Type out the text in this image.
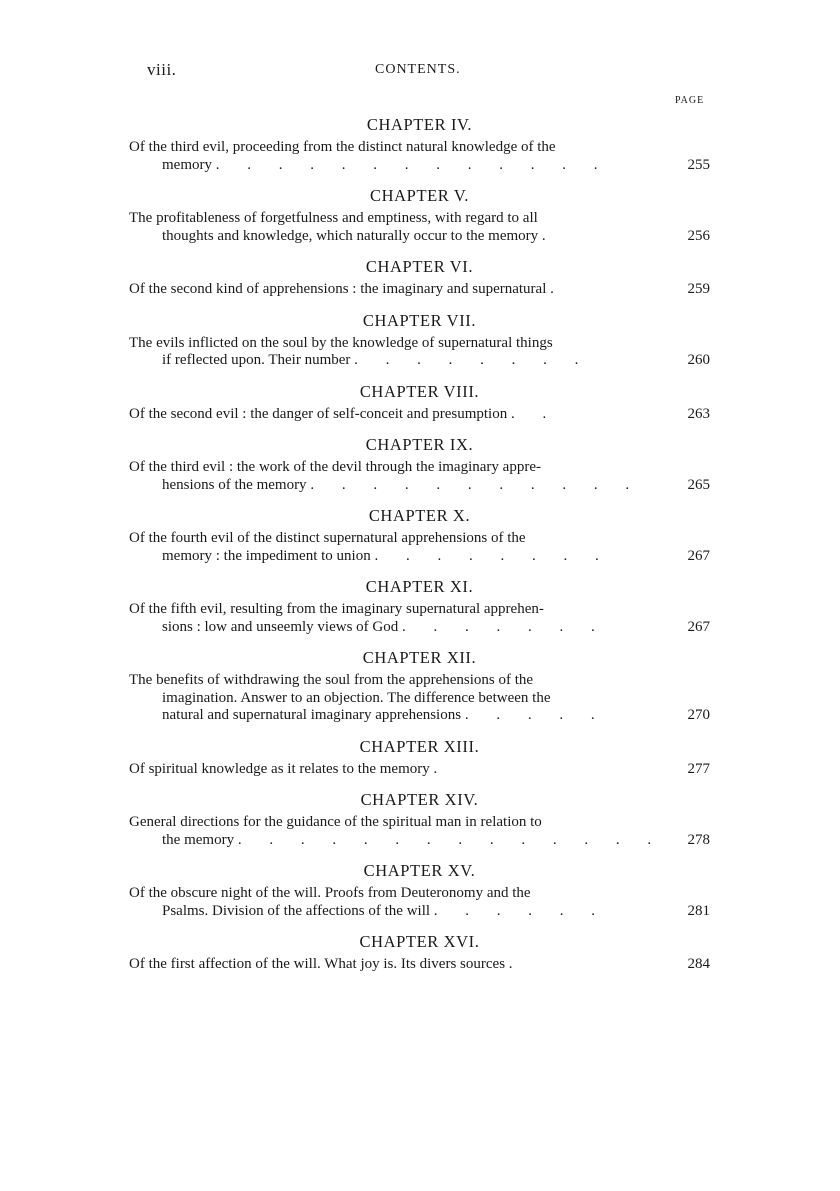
viii.	CONTENTS.
PAGE
CHAPTER IV.
Of the third evil, proceeding from the distinct natural knowledge of the
memory . . . . . . . . . . . . .	255
CHAPTER V.
The profitableness of forgetfulness and emptiness, with regard to all
thoughts and knowledge, which naturally occur to the memory .	256
CHAPTER VI.
Of the second kind of apprehensions : the imaginary and supernatural .	259
CHAPTER VII.
The evils inflicted on the soul by the knowledge of supernatural things
if reflected upon. Their number . . . . . . . .	260
CHAPTER VIII.
Of the second evil : the danger of self-conceit and presumption . .	263
CHAPTER IX.
Of the third evil : the work of the devil through the imaginary appre-
hensions of the memory . . . . . . . . . . .	265
CHAPTER X.
Of the fourth evil of the distinct supernatural apprehensions of the
memory : the impediment to union . . . . . . . .	267
CHAPTER XI.
Of the fifth evil, resulting from the imaginary supernatural apprehen-
sions : low and unseemly views of God . . . . . . .	267
CHAPTER XII.
The benefits of withdrawing the soul from the apprehensions of the
imagination. Answer to an objection. The difference between the
natural and supernatural imaginary apprehensions . . . . .	270
CHAPTER XIII.
Of spiritual knowledge as it relates to the memory .	277
CHAPTER XIV.
General directions for the guidance of the spiritual man in relation to
the memory . . . . . . . . . . . . . .	278
CHAPTER XV.
Of the obscure night of the will. Proofs from Deuteronomy and the
Psalms. Division of the affections of the will . . . . . .	281
CHAPTER XVI.
Of the first affection of the will. What joy is. Its divers sources .	284
